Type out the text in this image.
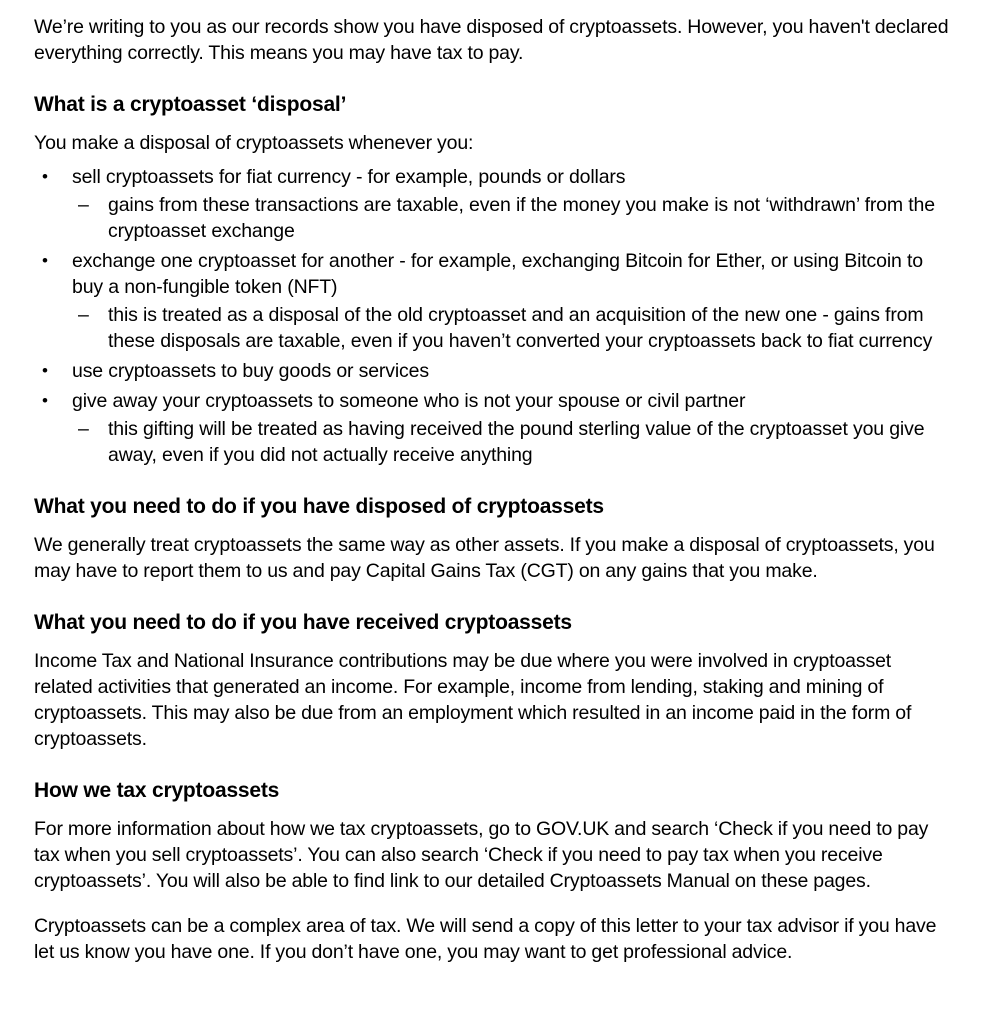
We’re writing to you as our records show you have disposed of cryptoassets. However, you haven't declared everything correctly. This means you may have tax to pay.

What is a cryptoasset ‘disposal’

You make a disposal of cryptoassets whenever you:

• sell cryptoassets for fiat currency - for example, pounds or dollars
– gains from these transactions are taxable, even if the money you make is not ‘withdrawn’ from the cryptoasset exchange
• exchange one cryptoasset for another - for example, exchanging Bitcoin for Ether, or using Bitcoin to buy a non-fungible token (NFT)
– this is treated as a disposal of the old cryptoasset and an acquisition of the new one - gains from these disposals are taxable, even if you haven’t converted your cryptoassets back to fiat currency
• use cryptoassets to buy goods or services
• give away your cryptoassets to someone who is not your spouse or civil partner
– this gifting will be treated as having received the pound sterling value of the cryptoasset you give away, even if you did not actually receive anything
What you need to do if you have disposed of cryptoassets

We generally treat cryptoassets the same way as other assets. If you make a disposal of cryptoassets, you may have to report them to us and pay Capital Gains Tax (CGT) on any gains that you make.

What you need to do if you have received cryptoassets

Income Tax and National Insurance contributions may be due where you were involved in cryptoasset related activities that generated an income. For example, income from lending, staking and mining of cryptoassets. This may also be due from an employment which resulted in an income paid in the form of cryptoassets.

How we tax cryptoassets

For more information about how we tax cryptoassets, go to GOV.UK and search ‘Check if you need to pay tax when you sell cryptoassets’. You can also search ‘Check if you need to pay tax when you receive cryptoassets’. You will also be able to find link to our detailed Cryptoassets Manual on these pages.

Cryptoassets can be a complex area of tax. We will send a copy of this letter to your tax advisor if you have let us know you have one. If you don’t have one, you may want to get professional advice.
